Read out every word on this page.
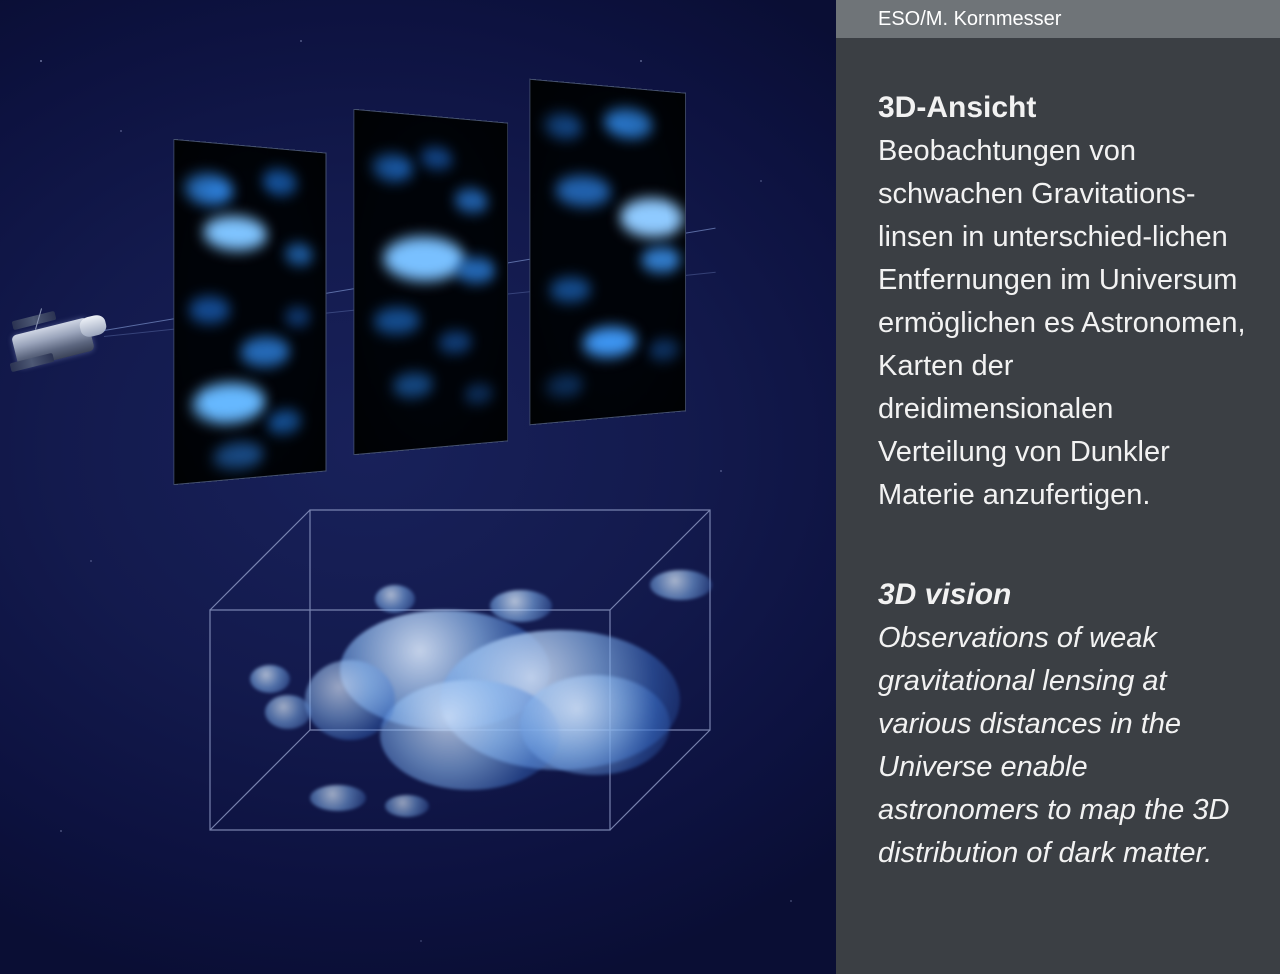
ESO/M. Kornmesser

3D-Ansicht

Beobachtungen von schwachen Gravitations-linsen in unterschied-lichen Entfernungen im Universum ermöglichen es Astronomen, Karten der dreidimensionalen Verteilung von Dunkler Materie anzufertigen.

3D vision

Observations of weak gravitational lensing at various distances in the Universe enable astronomers to map the 3D distribution of dark matter.
